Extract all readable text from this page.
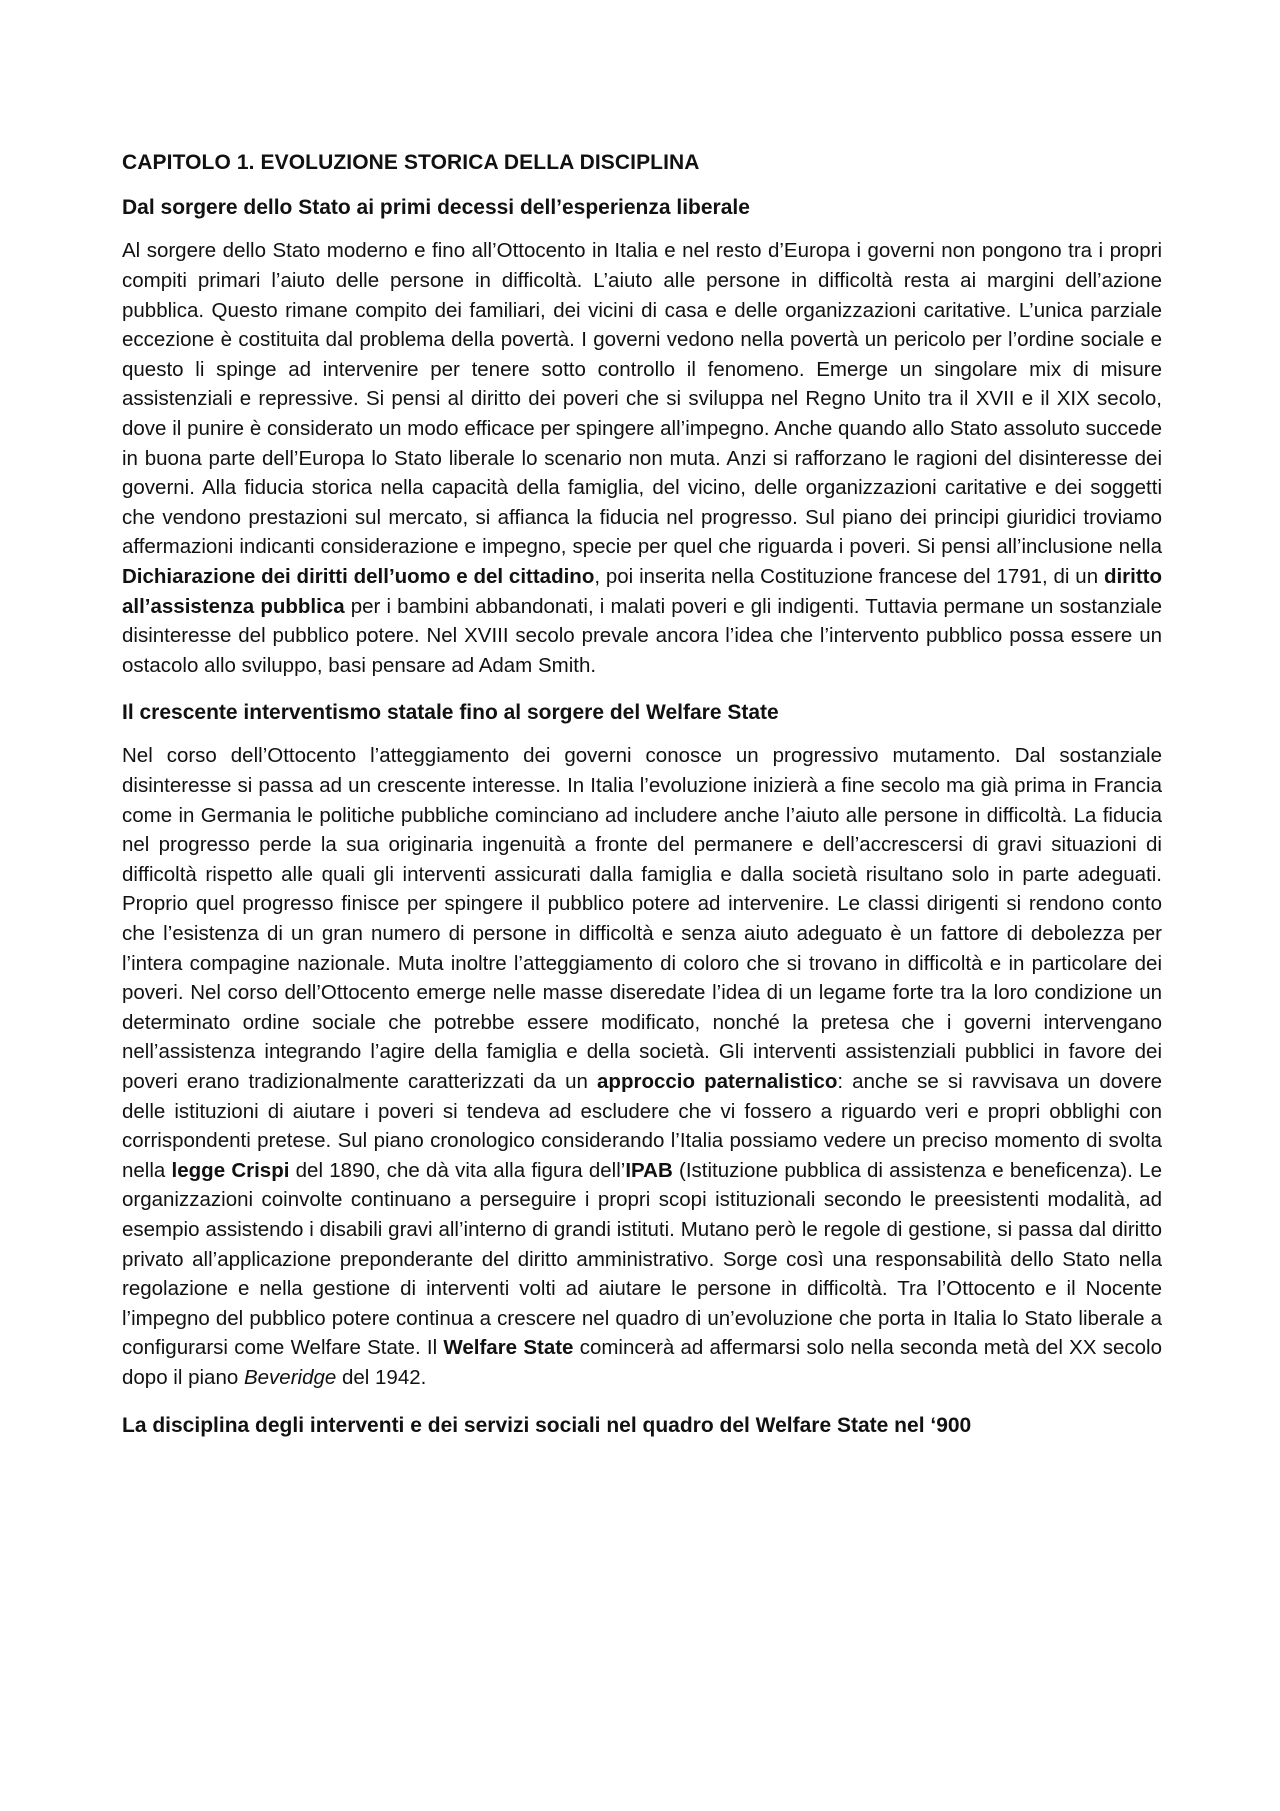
CAPITOLO 1. EVOLUZIONE STORICA DELLA DISCIPLINA
Dal sorgere dello Stato ai primi decessi dell’esperienza liberale

Al sorgere dello Stato moderno e fino all’Ottocento in Italia e nel resto d’Europa i governi non pongono tra i propri compiti primari l’aiuto delle persone in difficoltà. L’aiuto alle persone in difficoltà resta ai margini dell’azione pubblica. Questo rimane compito dei familiari, dei vicini di casa e delle organizzazioni caritative. L’unica parziale eccezione è costituita dal problema della povertà. I governi vedono nella povertà un pericolo per l’ordine sociale e questo li spinge ad intervenire per tenere sotto controllo il fenomeno. Emerge un singolare mix di misure assistenziali e repressive. Si pensi al diritto dei poveri che si sviluppa nel Regno Unito tra il XVII e il XIX secolo, dove il punire è considerato un modo efficace per spingere all’impegno. Anche quando allo Stato assoluto succede in buona parte dell’Europa lo Stato liberale lo scenario non muta. Anzi si rafforzano le ragioni del disinteresse dei governi. Alla fiducia storica nella capacità della famiglia, del vicino, delle organizzazioni caritative e dei soggetti che vendono prestazioni sul mercato, si affianca la fiducia nel progresso. Sul piano dei principi giuridici troviamo affermazioni indicanti considerazione e impegno, specie per quel che riguarda i poveri. Si pensi all’inclusione nella Dichiarazione dei diritti dell’uomo e del cittadino, poi inserita nella Costituzione francese del 1791, di un diritto all’assistenza pubblica per i bambini abbandonati, i malati poveri e gli indigenti. Tuttavia permane un sostanziale disinteresse del pubblico potere. Nel XVIII secolo prevale ancora l’idea che l’intervento pubblico possa essere un ostacolo allo sviluppo, basi pensare ad Adam Smith.

Il crescente interventismo statale fino al sorgere del Welfare State

Nel corso dell’Ottocento l’atteggiamento dei governi conosce un progressivo mutamento. Dal sostanziale disinteresse si passa ad un crescente interesse. In Italia l’evoluzione inizierà a fine secolo ma già prima in Francia come in Germania le politiche pubbliche cominciano ad includere anche l’aiuto alle persone in difficoltà. La fiducia nel progresso perde la sua originaria ingenuità a fronte del permanere e dell’accrescersi di gravi situazioni di difficoltà rispetto alle quali gli interventi assicurati dalla famiglia e dalla società risultano solo in parte adeguati. Proprio quel progresso finisce per spingere il pubblico potere ad intervenire. Le classi dirigenti si rendono conto che l’esistenza di un gran numero di persone in difficoltà e senza aiuto adeguato è un fattore di debolezza per l’intera compagine nazionale. Muta inoltre l’atteggiamento di coloro che si trovano in difficoltà e in particolare dei poveri. Nel corso dell’Ottocento emerge nelle masse diseredate l’idea di un legame forte tra la loro condizione un determinato ordine sociale che potrebbe essere modificato, nonché la pretesa che i governi intervengano nell’assistenza integrando l’agire della famiglia e della società. Gli interventi assistenziali pubblici in favore dei poveri erano tradizionalmente caratterizzati da un approccio paternalistico: anche se si ravvisava un dovere delle istituzioni di aiutare i poveri si tendeva ad escludere che vi fossero a riguardo veri e propri obblighi con corrispondenti pretese. Sul piano cronologico considerando l’Italia possiamo vedere un preciso momento di svolta nella legge Crispi del 1890, che dà vita alla figura dell’IPAB (Istituzione pubblica di assistenza e beneficenza). Le organizzazioni coinvolte continuano a perseguire i propri scopi istituzionali secondo le preesistenti modalità, ad esempio assistendo i disabili gravi all’interno di grandi istituti. Mutano però le regole di gestione, si passa dal diritto privato all’applicazione preponderante del diritto amministrativo. Sorge così una responsabilità dello Stato nella regolazione e nella gestione di interventi volti ad aiutare le persone in difficoltà. Tra l’Ottocento e il Nocente l’impegno del pubblico potere continua a crescere nel quadro di un’evoluzione che porta in Italia lo Stato liberale a configurarsi come Welfare State. Il Welfare State comincerà ad affermarsi solo nella seconda metà del XX secolo dopo il piano Beveridge del 1942.

La disciplina degli interventi e dei servizi sociali nel quadro del Welfare State nel ‘900
